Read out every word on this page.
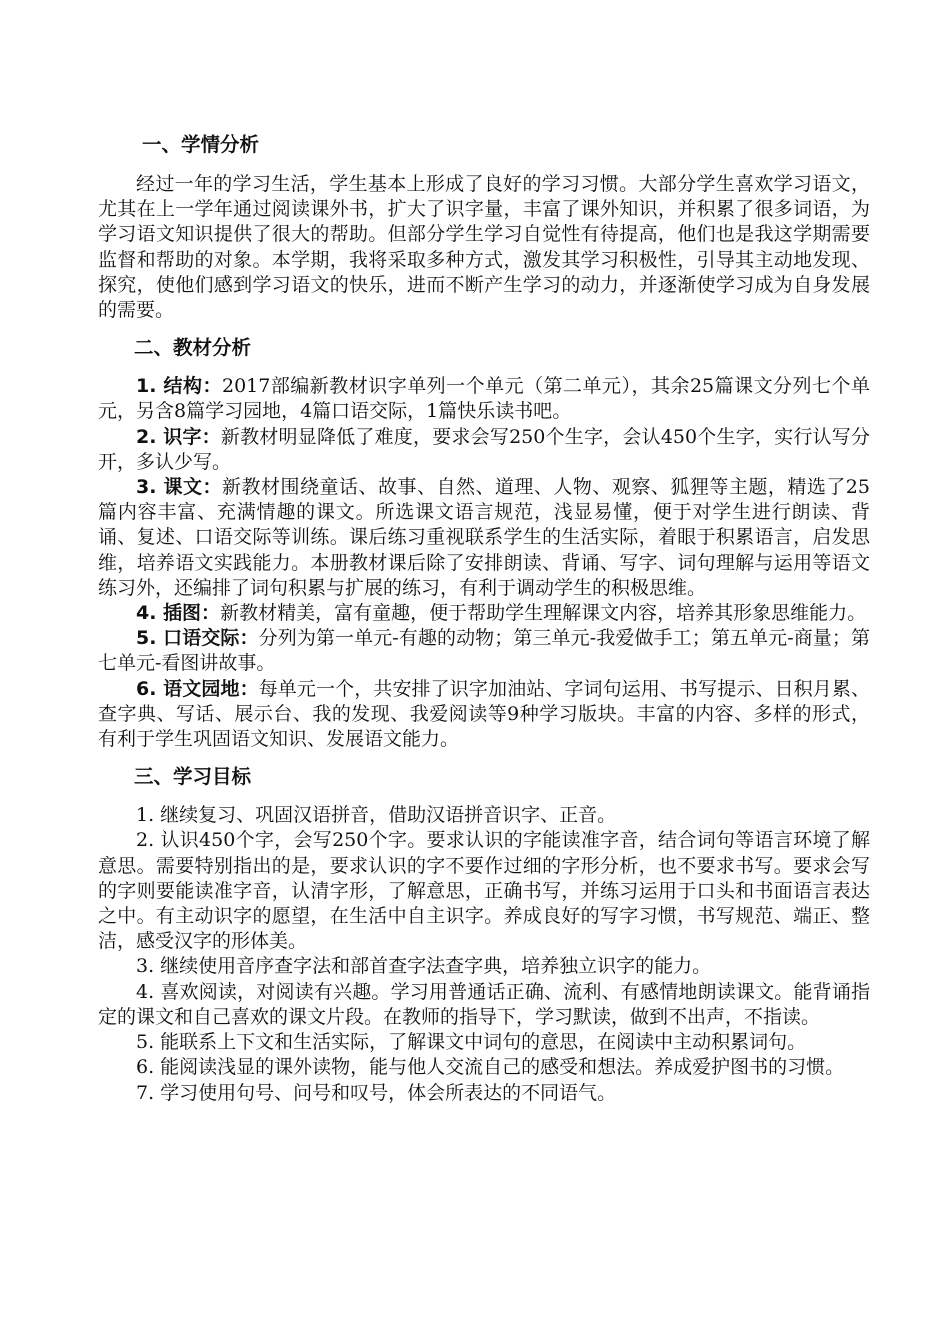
一、学情分析

经过一年的学习生活，学生基本上形成了良好的学习习惯。大部分学生喜欢学习语文，尤其在上一学年通过阅读课外书，扩大了识字量，丰富了课外知识，并积累了很多词语，为学习语文知识提供了很大的帮助。但部分学生学习自觉性有待提高，他们也是我这学期需要监督和帮助的对象。本学期，我将采取多种方式，激发其学习积极性，引导其主动地发现、探究，使他们感到学习语文的快乐，进而不断产生学习的动力，并逐渐使学习成为自身发展的需要。

二、教材分析

1. 结构：2017部编新教材识字单列一个单元（第二单元），其余25篇课文分列七个单元，另含8篇学习园地，4篇口语交际，1篇快乐读书吧。

2. 识字：新教材明显降低了难度，要求会写250个生字，会认450个生字，实行认写分开，多认少写。

3. 课文：新教材围绕童话、故事、自然、道理、人物、观察、狐狸等主题，精选了25篇内容丰富、充满情趣的课文。所选课文语言规范，浅显易懂，便于对学生进行朗读、背诵、复述、口语交际等训练。课后练习重视联系学生的生活实际，着眼于积累语言，启发思维，培养语文实践能力。本册教材课后除了安排朗读、背诵、写字、词句理解与运用等语文练习外，还编排了词句积累与扩展的练习，有利于调动学生的积极思维。

4. 插图：新教材精美，富有童趣，便于帮助学生理解课文内容，培养其形象思维能力。

5. 口语交际：分列为第一单元-有趣的动物；第三单元-我爱做手工；第五单元-商量；第七单元-看图讲故事。

6. 语文园地：每单元一个，共安排了识字加油站、字词句运用、书写提示、日积月累、查字典、写话、展示台、我的发现、我爱阅读等9种学习版块。丰富的内容、多样的形式，有利于学生巩固语文知识、发展语文能力。

三、学习目标

1. 继续复习、巩固汉语拼音，借助汉语拼音识字、正音。

2. 认识450个字，会写250个字。要求认识的字能读准字音，结合词句等语言环境了解意思。需要特别指出的是，要求认识的字不要作过细的字形分析，也不要求书写。要求会写的字则要能读准字音，认清字形，了解意思，正确书写，并练习运用于口头和书面语言表达之中。有主动识字的愿望，在生活中自主识字。养成良好的写字习惯，书写规范、端正、整洁，感受汉字的形体美。

3. 继续使用音序查字法和部首查字法查字典，培养独立识字的能力。

4. 喜欢阅读，对阅读有兴趣。学习用普通话正确、流利、有感情地朗读课文。能背诵指定的课文和自己喜欢的课文片段。在教师的指导下，学习默读，做到不出声，不指读。

5. 能联系上下文和生活实际，了解课文中词句的意思，在阅读中主动积累词句。

6. 能阅读浅显的课外读物，能与他人交流自己的感受和想法。养成爱护图书的习惯。

7. 学习使用句号、问号和叹号，体会所表达的不同语气。
